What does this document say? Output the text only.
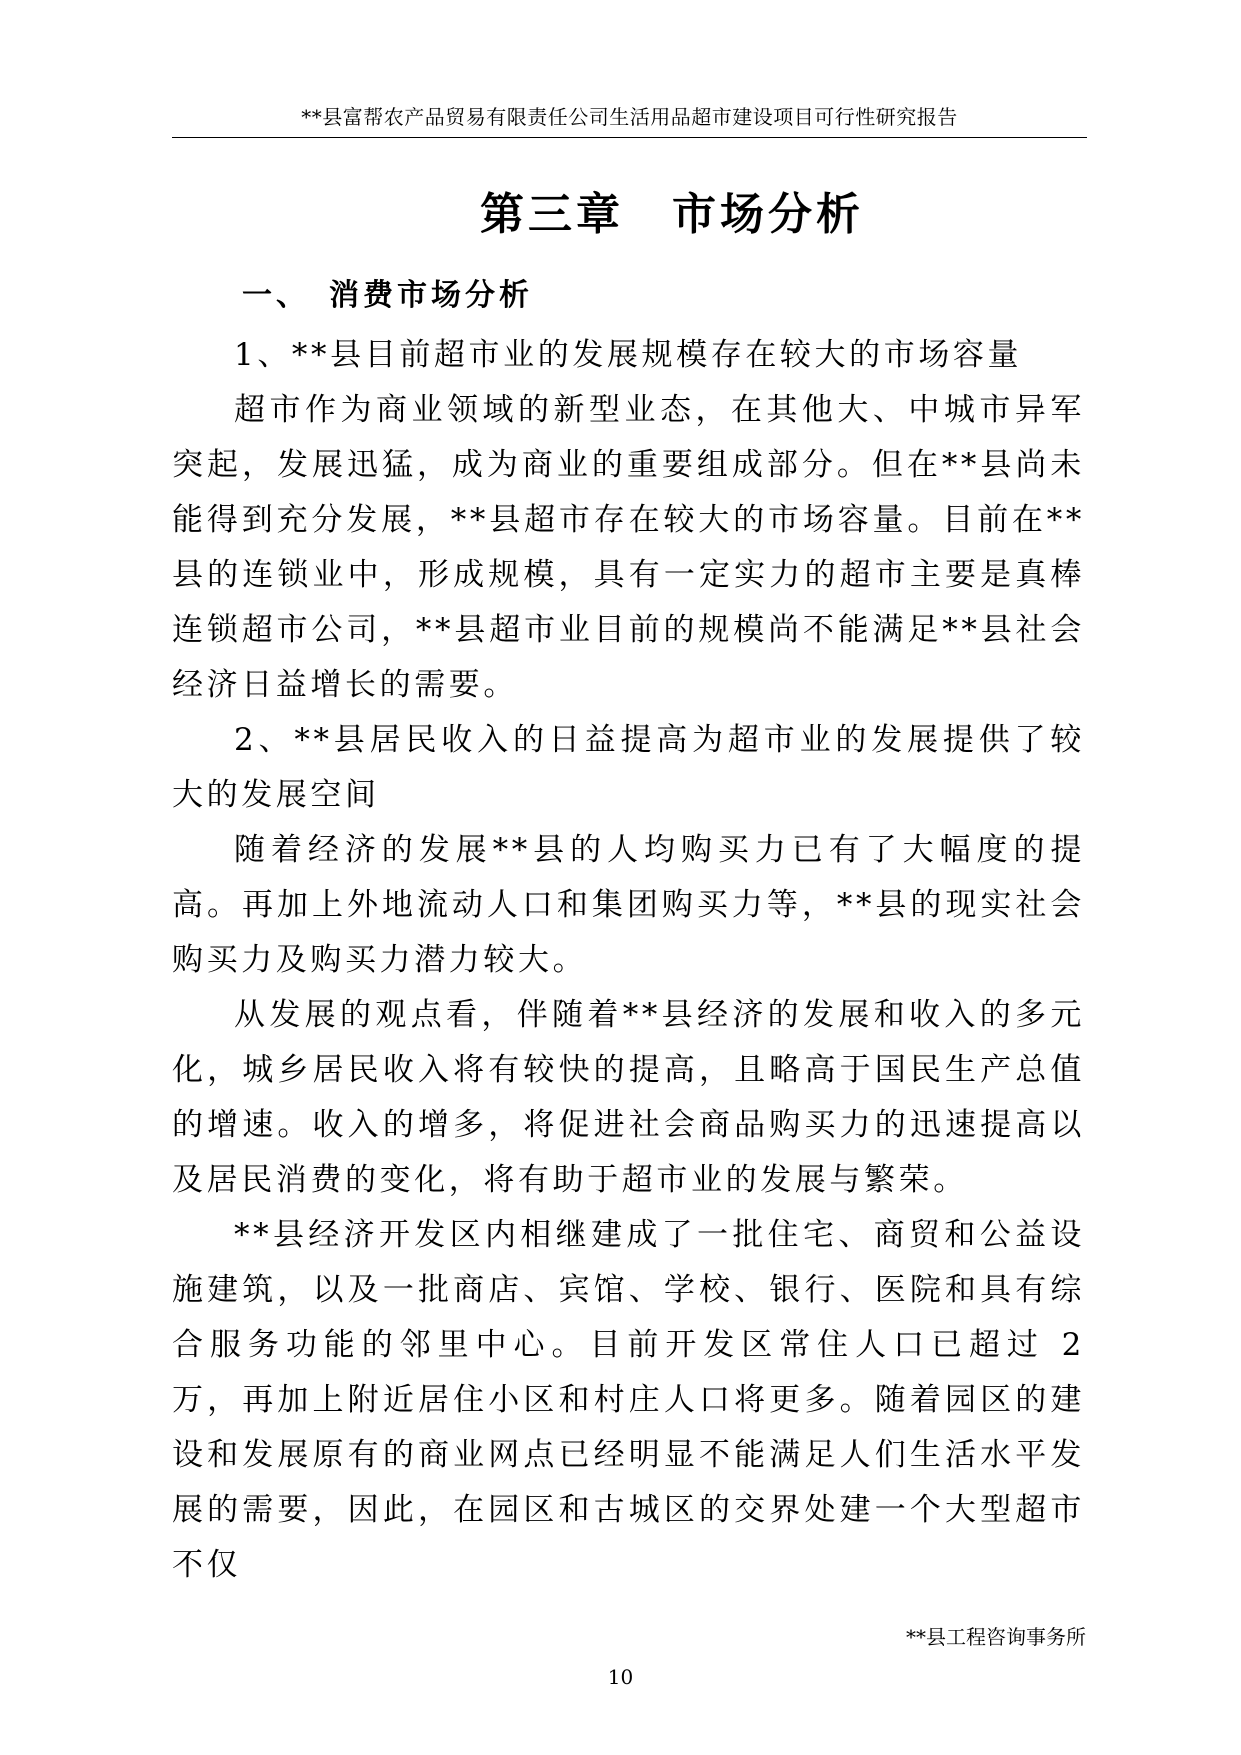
**县富帮农产品贸易有限责任公司生活用品超市建设项目可行性研究报告
第三章　市场分析
一、　消费市场分析

1、**县目前超市业的发展规模存在较大的市场容量

超市作为商业领域的新型业态，在其他大、中城市异军突起，发展迅猛，成为商业的重要组成部分。但在**县尚未能得到充分发展，**县超市存在较大的市场容量。目前在**县的连锁业中，形成规模，具有一定实力的超市主要是真棒连锁超市公司，**县超市业目前的规模尚不能满足**县社会经济日益增长的需要。

2、**县居民收入的日益提高为超市业的发展提供了较大的发展空间

随着经济的发展**县的人均购买力已有了大幅度的提高。再加上外地流动人口和集团购买力等，**县的现实社会购买力及购买力潜力较大。

从发展的观点看，伴随着**县经济的发展和收入的多元化，城乡居民收入将有较快的提高，且略高于国民生产总值的增速。收入的增多，将促进社会商品购买力的迅速提高以及居民消费的变化，将有助于超市业的发展与繁荣。

**县经济开发区内相继建成了一批住宅、商贸和公益设施建筑，以及一批商店、宾馆、学校、银行、医院和具有综合服务功能的邻里中心。目前开发区常住人口已超过 2 万，再加上附近居住小区和村庄人口将更多。随着园区的建设和发展原有的商业网点已经明显不能满足人们生活水平发展的需要，因此，在园区和古城区的交界处建一个大型超市不仅

**县工程咨询事务所
10
